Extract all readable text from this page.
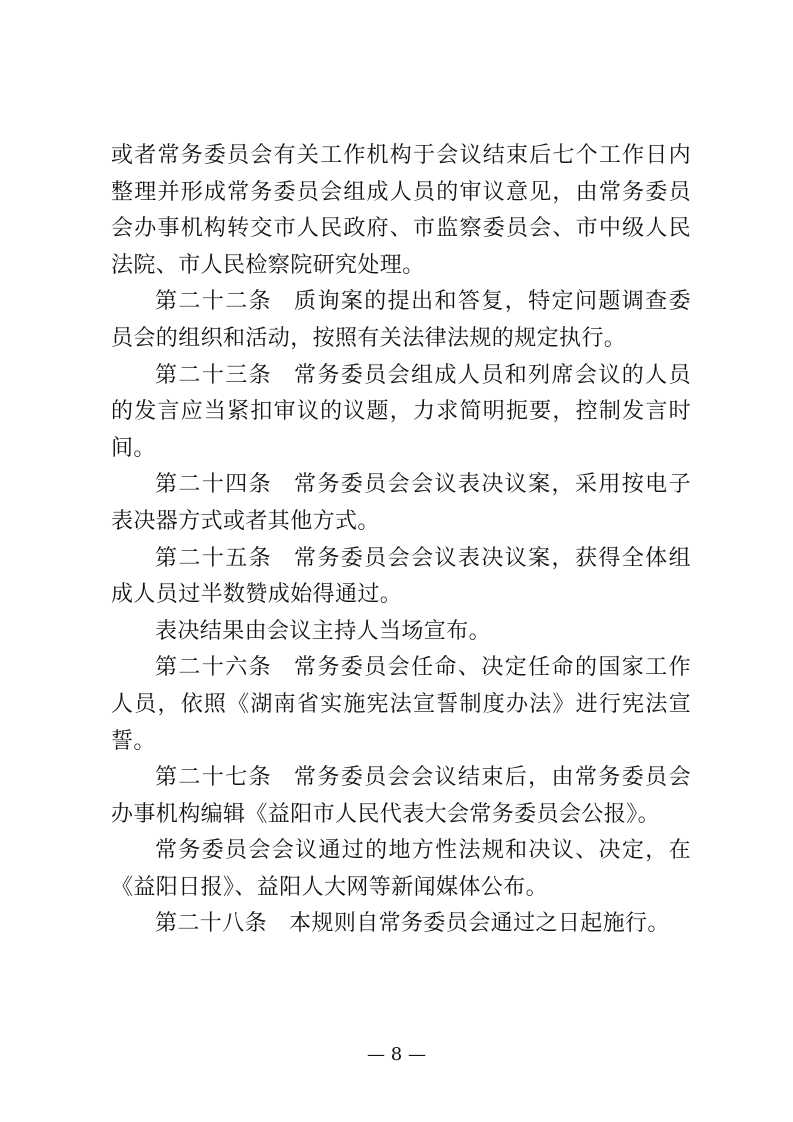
或者常务委员会有关工作机构于会议结束后七个工作日内整理并形成常务委员会组成人员的审议意见，由常务委员会办事机构转交市人民政府、市监察委员会、市中级人民法院、市人民检察院研究处理。

第二十二条 质询案的提出和答复，特定问题调查委员会的组织和活动，按照有关法律法规的规定执行。

第二十三条 常务委员会组成人员和列席会议的人员的发言应当紧扣审议的议题，力求简明扼要，控制发言时间。

第二十四条 常务委员会会议表决议案，采用按电子表决器方式或者其他方式。

第二十五条 常务委员会会议表决议案，获得全体组成人员过半数赞成始得通过。

表决结果由会议主持人当场宣布。

第二十六条 常务委员会任命、决定任命的国家工作人员，依照《湖南省实施宪法宣誓制度办法》进行宪法宣誓。

第二十七条 常务委员会会议结束后，由常务委员会办事机构编辑《益阳市人民代表大会常务委员会公报》。

常务委员会会议通过的地方性法规和决议、决定，在《益阳日报》、益阳人大网等新闻媒体公布。

第二十八条 本规则自常务委员会通过之日起施行。

— 8 —
